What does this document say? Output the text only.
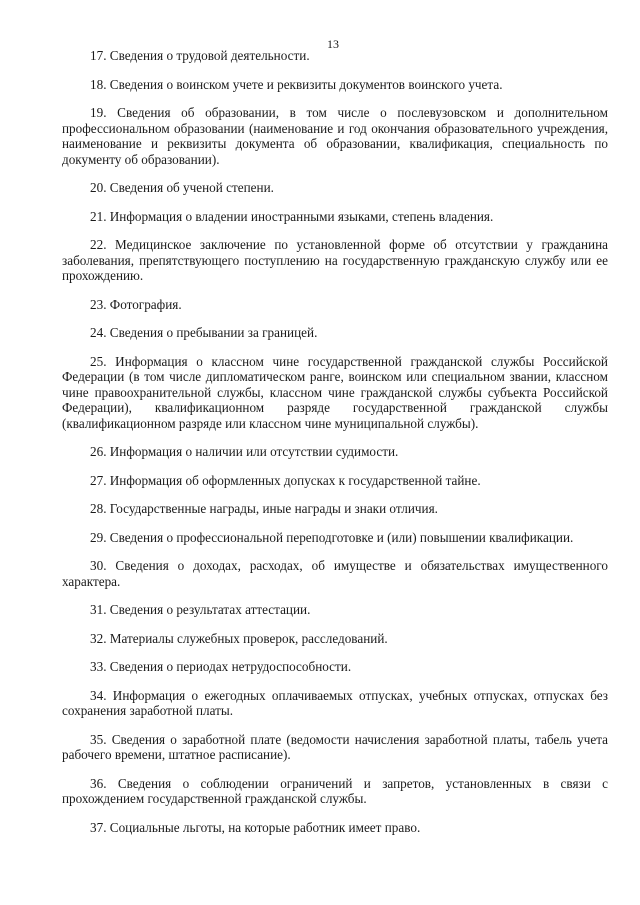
13

17. Сведения о трудовой деятельности.

18. Сведения о воинском учете и реквизиты документов воинского учета.

19. Сведения об образовании, в том числе о послевузовском и дополнительном профессиональном образовании (наименование и год окончания образовательного учреждения, наименование и реквизиты документа об образовании, квалификация, специальность по документу об образовании).

20. Сведения об ученой степени.

21. Информация о владении иностранными языками, степень владения.

22. Медицинское заключение по установленной форме об отсутствии у гражданина заболевания, препятствующего поступлению на государственную гражданскую службу или ее прохождению.

23. Фотография.

24. Сведения о пребывании за границей.

25. Информация о классном чине государственной гражданской службы Российской Федерации (в том числе дипломатическом ранге, воинском или специальном звании, классном чине правоохранительной службы, классном чине гражданской службы субъекта Российской Федерации), квалификационном разряде государственной гражданской службы (квалификационном разряде или классном чине муниципальной службы).

26. Информация о наличии или отсутствии судимости.

27. Информация об оформленных допусках к государственной тайне.

28. Государственные награды, иные награды и знаки отличия.

29. Сведения о профессиональной переподготовке и (или) повышении квалификации.

30. Сведения о доходах, расходах, об имуществе и обязательствах имущественного характера.

31. Сведения о результатах аттестации.

32. Материалы служебных проверок, расследований.

33. Сведения о периодах нетрудоспособности.

34. Информация о ежегодных оплачиваемых отпусках, учебных отпусках, отпусках без сохранения заработной платы.

35. Сведения о заработной плате (ведомости начисления заработной платы, табель учета рабочего времени, штатное расписание).

36. Сведения о соблюдении ограничений и запретов, установленных в связи с прохождением государственной гражданской службы.

37. Социальные льготы, на которые работник имеет право.
